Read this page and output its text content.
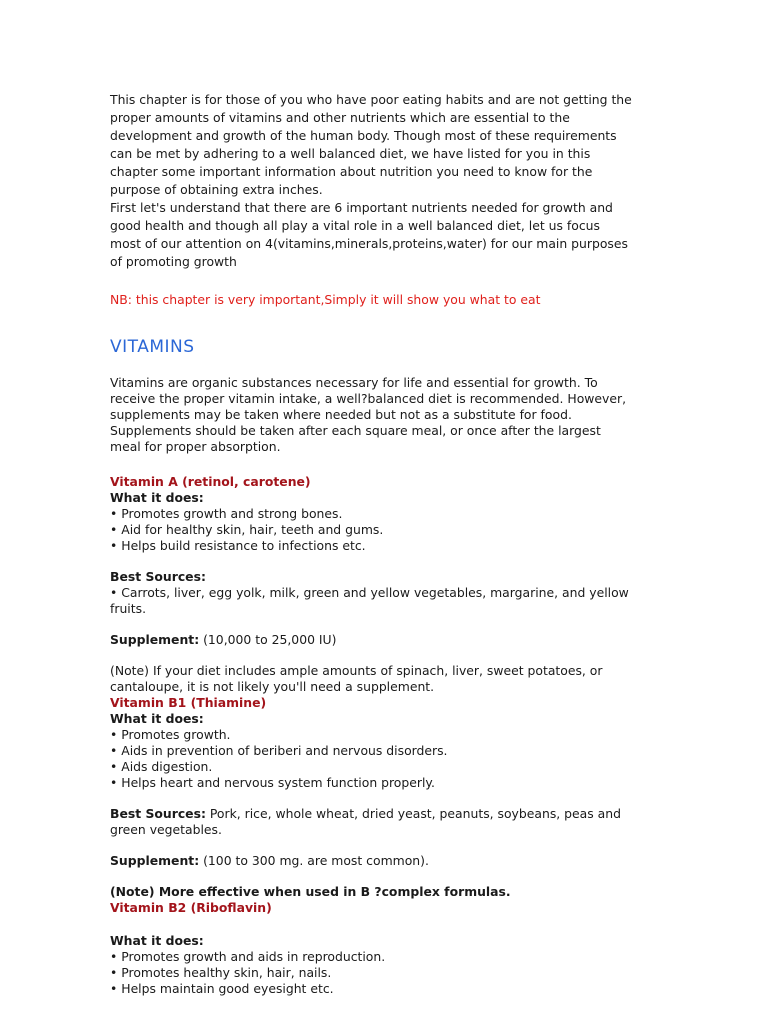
This chapter is for those of you who have poor eating habits and are not getting the
proper amounts of vitamins and other nutrients which are essential to the
development and growth of the human body. Though most of these requirements
can be met by adhering to a well balanced diet, we have listed for you in this
chapter some important information about nutrition you need to know for the
purpose of obtaining extra inches.
First let's understand that there are 6 important nutrients needed for growth and
good health and though all play a vital role in a well balanced diet, let us focus
most of our attention on 4(vitamins,minerals,proteins,water) for our main purposes
of promoting growth

NB: this chapter is very important,Simply it will show you what to eat

VITAMINS

Vitamins are organic substances necessary for life and essential for growth. To
receive the proper vitamin intake, a well?balanced diet is recommended. However,
supplements may be taken where needed but not as a substitute for food.
Supplements should be taken after each square meal, or once after the largest
meal for proper absorption.

Vitamin A (retinol, carotene)

What it does:

• Promotes growth and strong bones.
• Aid for healthy skin, hair, teeth and gums.
• Helps build resistance to infections etc.

Best Sources:

• Carrots, liver, egg yolk, milk, green and yellow vegetables, margarine, and yellow
fruits.

Supplement: (10,000 to 25,000 IU)

(Note) If your diet includes ample amounts of spinach, liver, sweet potatoes, or
cantaloupe, it is not likely you'll need a supplement.

Vitamin B1 (Thiamine)

What it does:

• Promotes growth.
• Aids in prevention of beriberi and nervous disorders.
• Aids digestion.
• Helps heart and nervous system function properly.

Best Sources: Pork, rice, whole wheat, dried yeast, peanuts, soybeans, peas and
green vegetables.

Supplement: (100 to 300 mg. are most common).

(Note) More effective when used in B ?complex formulas.

Vitamin B2 (Riboflavin)

What it does:

• Promotes growth and aids in reproduction.
• Promotes healthy skin, hair, nails.
• Helps maintain good eyesight etc.
